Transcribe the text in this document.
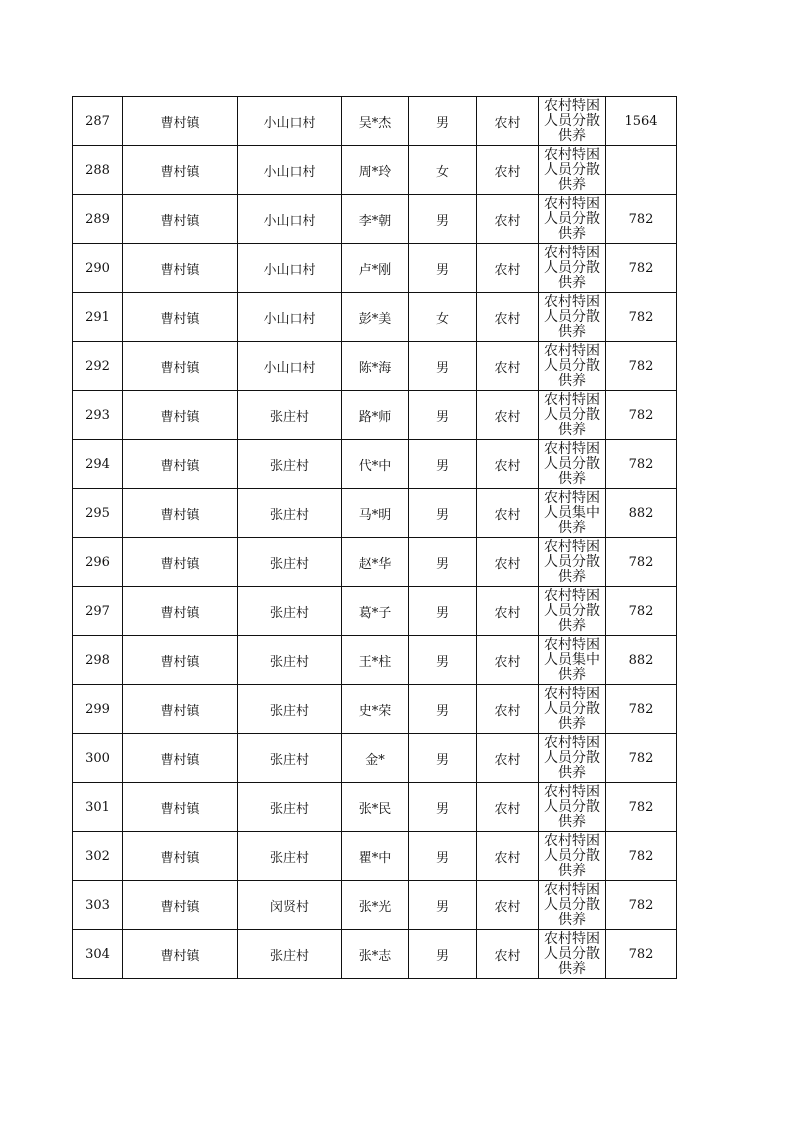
287	曹村镇	小山口村	吴*杰	男	农村	农村特困
人员分散
供养	1564
288	曹村镇	小山口村	周*玲	女	农村	农村特困
人员分散
供养	

289	曹村镇	小山口村	李*朝	男	农村	农村特困
人员分散
供养	782
290	曹村镇	小山口村	卢*刚	男	农村	农村特困
人员分散
供养	782
291	曹村镇	小山口村	彭*美	女	农村	农村特困
人员分散
供养	782
292	曹村镇	小山口村	陈*海	男	农村	农村特困
人员分散
供养	782
293	曹村镇	张庄村	路*师	男	农村	农村特困
人员分散
供养	782
294	曹村镇	张庄村	代*中	男	农村	农村特困
人员分散
供养	782
295	曹村镇	张庄村	马*明	男	农村	农村特困
人员集中
供养	882
296	曹村镇	张庄村	赵*华	男	农村	农村特困
人员分散
供养	782
297	曹村镇	张庄村	葛*子	男	农村	农村特困
人员分散
供养	782
298	曹村镇	张庄村	王*柱	男	农村	农村特困
人员集中
供养	882
299	曹村镇	张庄村	史*荣	男	农村	农村特困
人员分散
供养	782
300	曹村镇	张庄村	金*	男	农村	农村特困
人员分散
供养	782
301	曹村镇	张庄村	张*民	男	农村	农村特困
人员分散
供养	782
302	曹村镇	张庄村	瞿*中	男	农村	农村特困
人员分散
供养	782
303	曹村镇	闵贤村	张*光	男	农村	农村特困
人员分散
供养	782
304	曹村镇	张庄村	张*志	男	农村	农村特困
人员分散
供养	782
